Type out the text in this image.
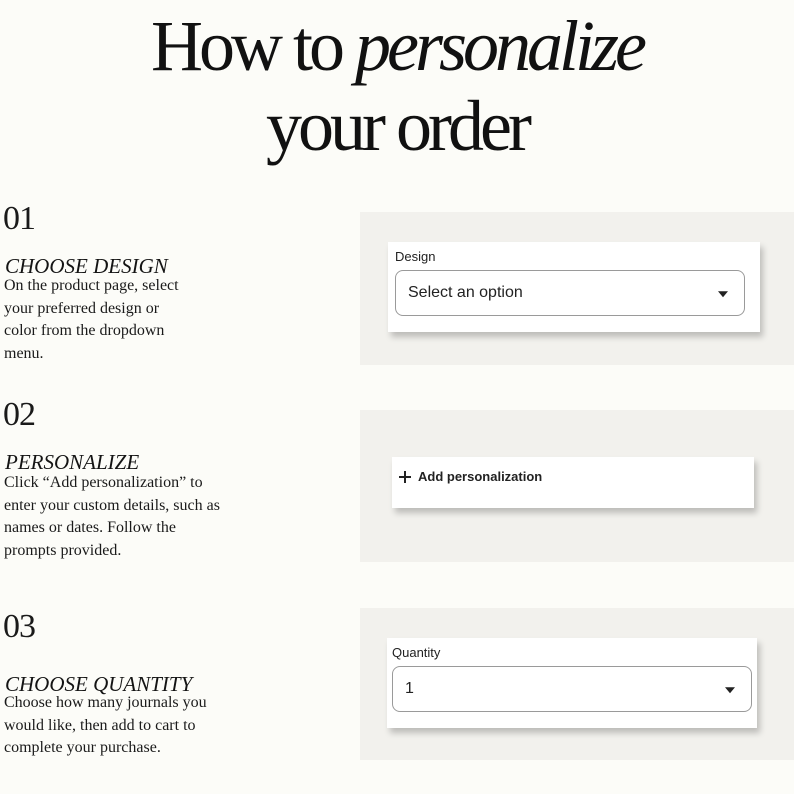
How to personalize
your order
01
CHOOSE DESIGN
On the product page, select
your preferred design or
color from the dropdown
menu.
02
PERSONALIZE
Click “Add personalization” to
enter your custom details, such as
names or dates. Follow the
prompts provided.
03
CHOOSE QUANTITY
Choose how many journals you
would like, then add to cart to
complete your purchase.
Design
Select an option
Add personalization
Quantity
1
